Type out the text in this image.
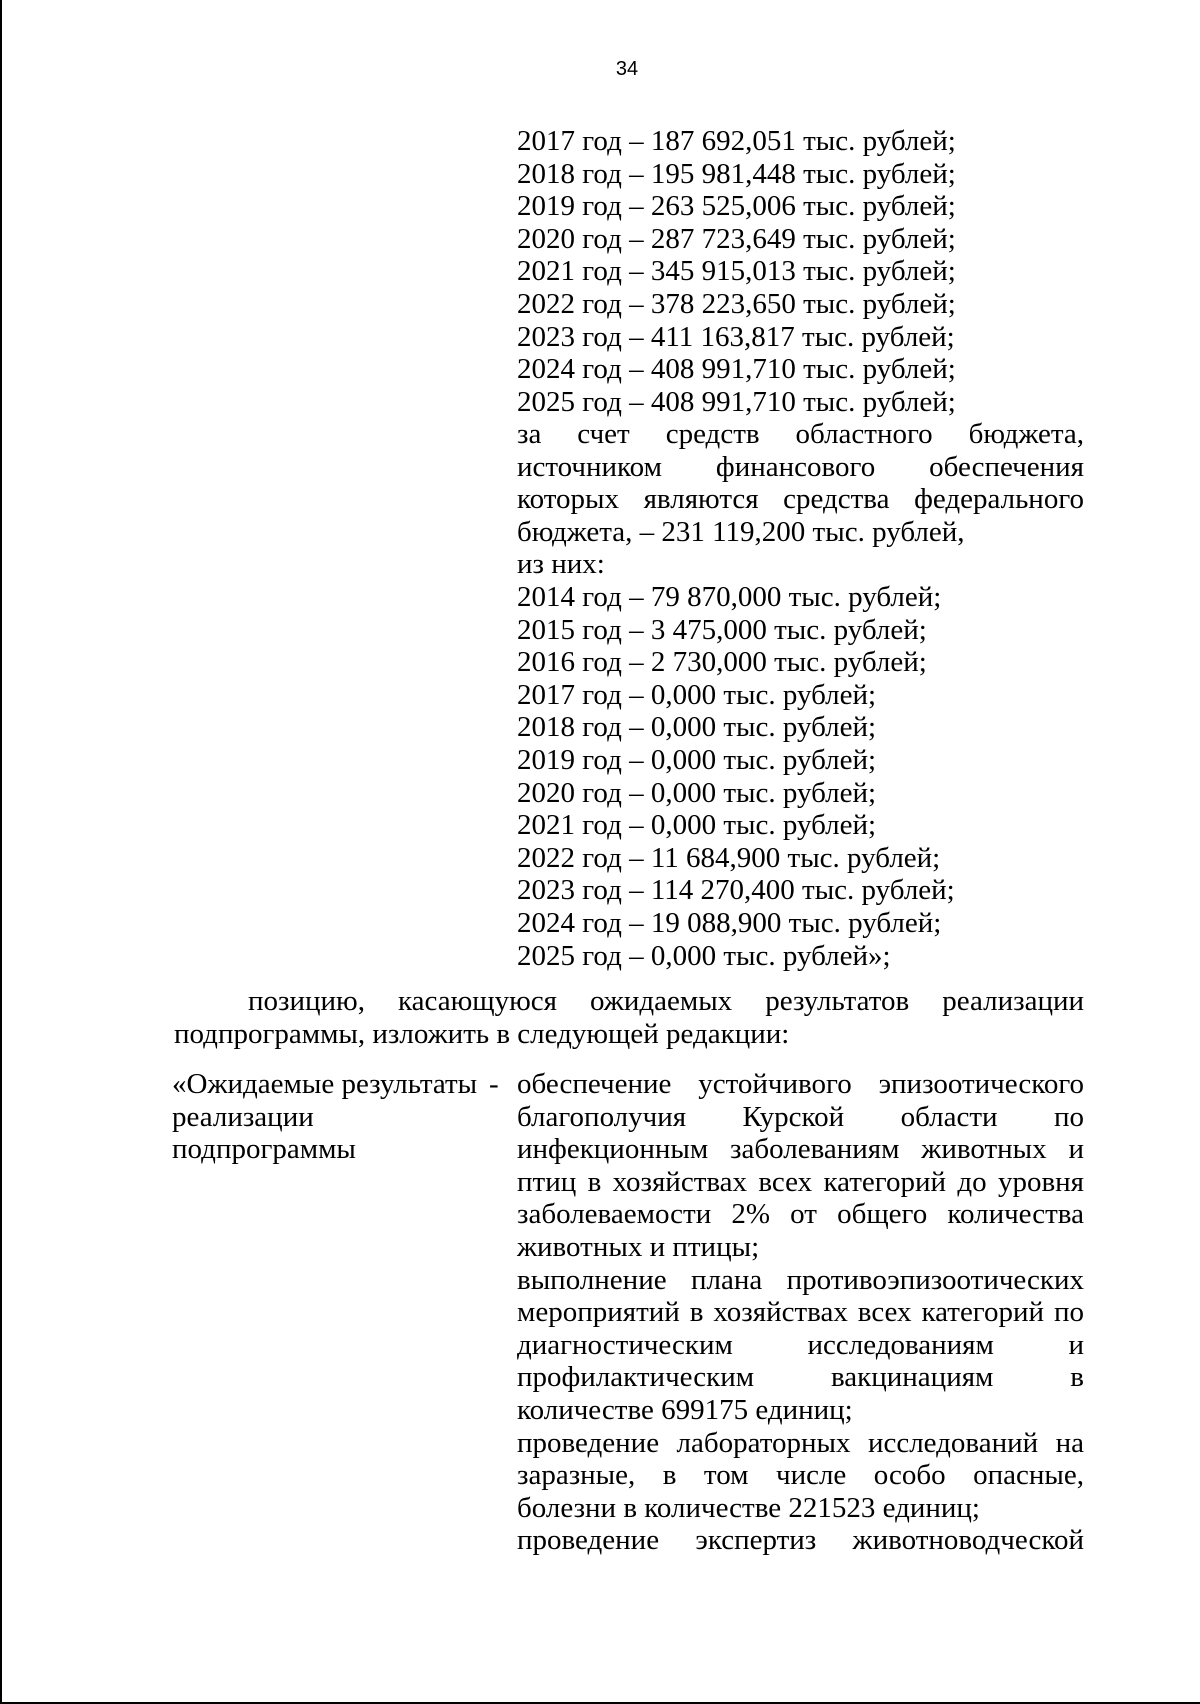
34
2017 год – 187 692,051 тыс. рублей;
2018 год – 195 981,448 тыс. рублей;
2019 год – 263 525,006 тыс. рублей;
2020 год – 287 723,649 тыс. рублей;
2021 год – 345 915,013 тыс. рублей;
2022 год – 378 223,650 тыс. рублей;
2023 год – 411 163,817 тыс. рублей;
2024 год – 408 991,710 тыс. рублей;
2025 год – 408 991,710 тыс. рублей;
за счет средств областного бюджета, источником финансового обеспечения которых являются средства федерального бюджета, – 231 119,200 тыс. рублей,
из них:
2014 год – 79 870,000 тыс. рублей;
2015 год – 3 475,000 тыс. рублей;
2016 год – 2 730,000 тыс. рублей;
2017 год – 0,000 тыс. рублей;
2018 год – 0,000 тыс. рублей;
2019 год – 0,000 тыс. рублей;
2020 год – 0,000 тыс. рублей;
2021 год – 0,000 тыс. рублей;
2022 год – 11 684,900 тыс. рублей;
2023 год – 114 270,400 тыс. рублей;
2024 год – 19 088,900 тыс. рублей;
2025 год – 0,000 тыс. рублей»;
позицию, касающуюся ожидаемых результатов реализации
подпрограммы, изложить в следующей редакции:
«Ожидаемые результаты
реализации
подпрограммы
- обеспечение устойчивого эпизоотического благополучия Курской области по инфекционным заболеваниям животных и птиц в хозяйствах всех категорий до уровня заболеваемости 2% от общего количества животных и птицы;
выполнение плана противоэпизоотических мероприятий в хозяйствах всех категорий по диагностическим исследованиям и профилактическим вакцинациям в количестве 699175 единиц;
проведение лабораторных исследований на заразные, в том числе особо опасные, болезни в количестве 221523 единиц;
проведение экспертиз животноводческой
